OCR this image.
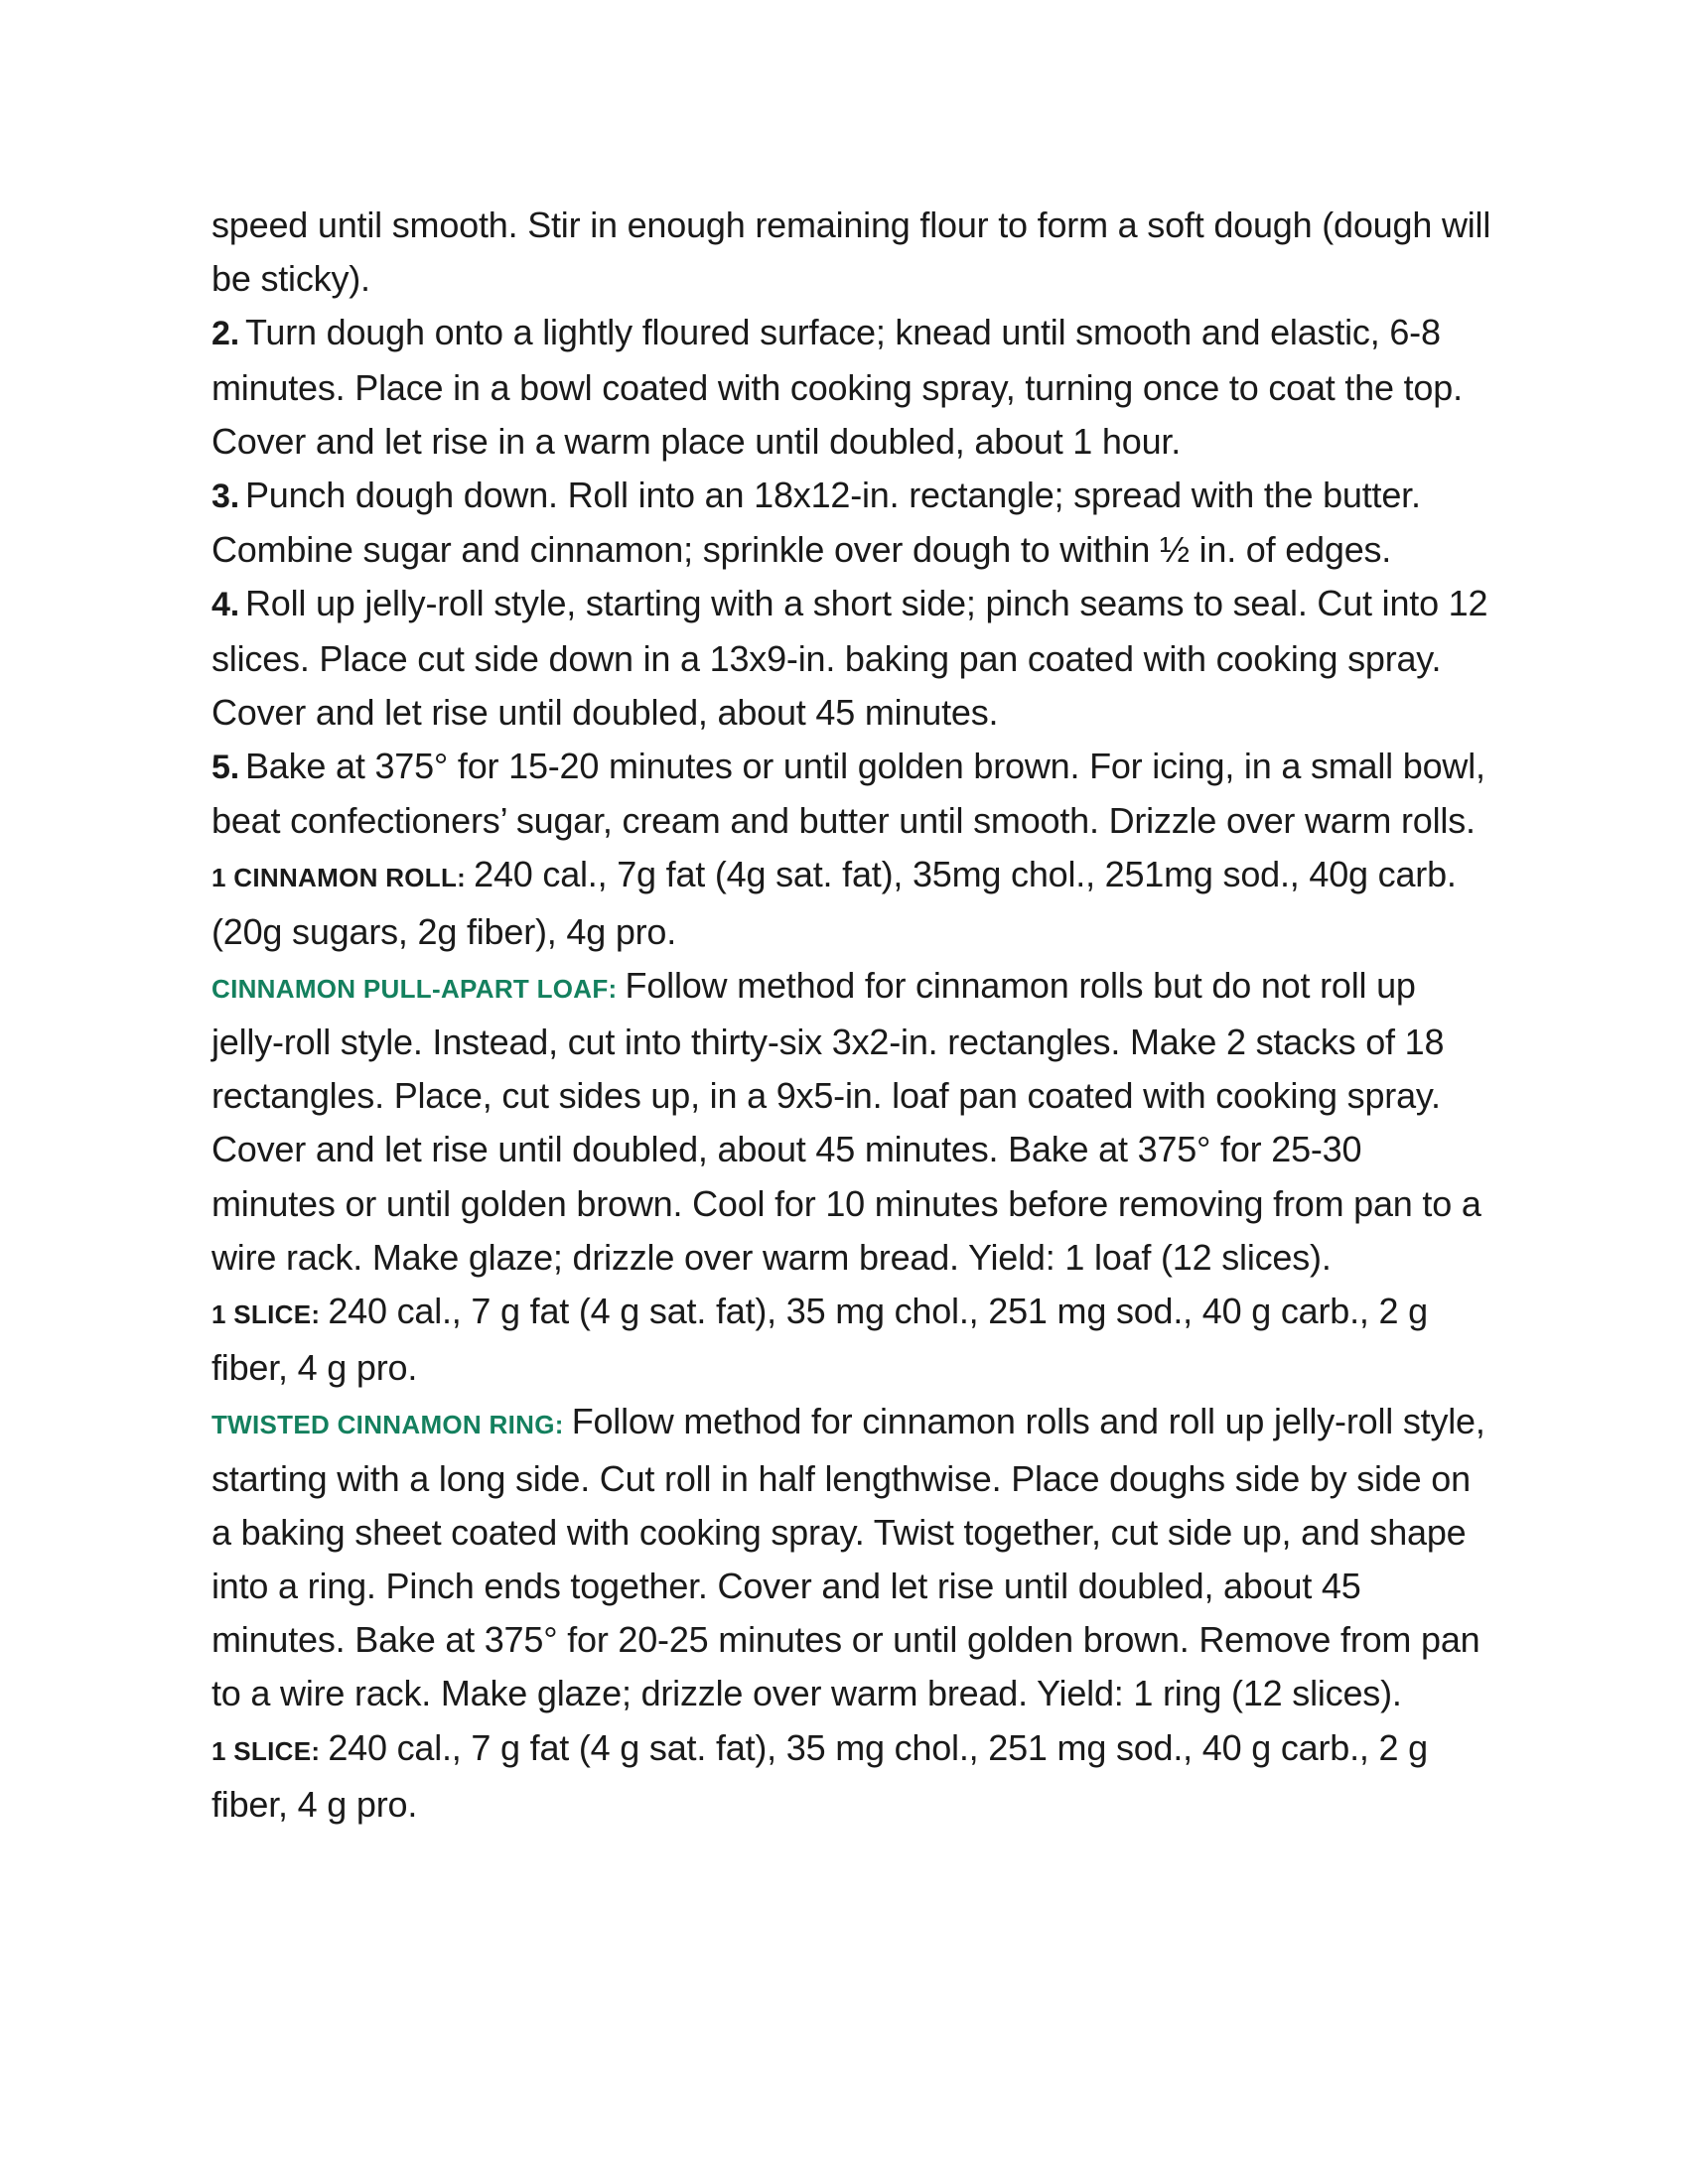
speed until smooth. Stir in enough remaining flour to form a soft dough (dough will be sticky).

2. Turn dough onto a lightly floured surface; knead until smooth and elastic, 6-8 minutes. Place in a bowl coated with cooking spray, turning once to coat the top. Cover and let rise in a warm place until doubled, about 1 hour.

3. Punch dough down. Roll into an 18x12-in. rectangle; spread with the butter. Combine sugar and cinnamon; sprinkle over dough to within ½ in. of edges.

4. Roll up jelly-roll style, starting with a short side; pinch seams to seal. Cut into 12 slices. Place cut side down in a 13x9-in. baking pan coated with cooking spray. Cover and let rise until doubled, about 45 minutes.

5. Bake at 375° for 15-20 minutes or until golden brown. For icing, in a small bowl, beat confectioners’ sugar, cream and butter until smooth. Drizzle over warm rolls.

1 CINNAMON ROLL: 240 cal., 7g fat (4g sat. fat), 35mg chol., 251mg sod., 40g carb. (20g sugars, 2g fiber), 4g pro.

CINNAMON PULL-APART LOAF: Follow method for cinnamon rolls but do not roll up jelly-roll style. Instead, cut into thirty-six 3x2-in. rectangles. Make 2 stacks of 18 rectangles. Place, cut sides up, in a 9x5-in. loaf pan coated with cooking spray. Cover and let rise until doubled, about 45 minutes. Bake at 375° for 25-30 minutes or until golden brown. Cool for 10 minutes before removing from pan to a wire rack. Make glaze; drizzle over warm bread. Yield: 1 loaf (12 slices).

1 SLICE: 240 cal., 7 g fat (4 g sat. fat), 35 mg chol., 251 mg sod., 40 g carb., 2 g fiber, 4 g pro.

TWISTED CINNAMON RING: Follow method for cinnamon rolls and roll up jelly-roll style, starting with a long side. Cut roll in half lengthwise. Place doughs side by side on a baking sheet coated with cooking spray. Twist together, cut side up, and shape into a ring. Pinch ends together. Cover and let rise until doubled, about 45 minutes. Bake at 375° for 20-25 minutes or until golden brown. Remove from pan to a wire rack. Make glaze; drizzle over warm bread. Yield: 1 ring (12 slices).

1 SLICE: 240 cal., 7 g fat (4 g sat. fat), 35 mg chol., 251 mg sod., 40 g carb., 2 g fiber, 4 g pro.
